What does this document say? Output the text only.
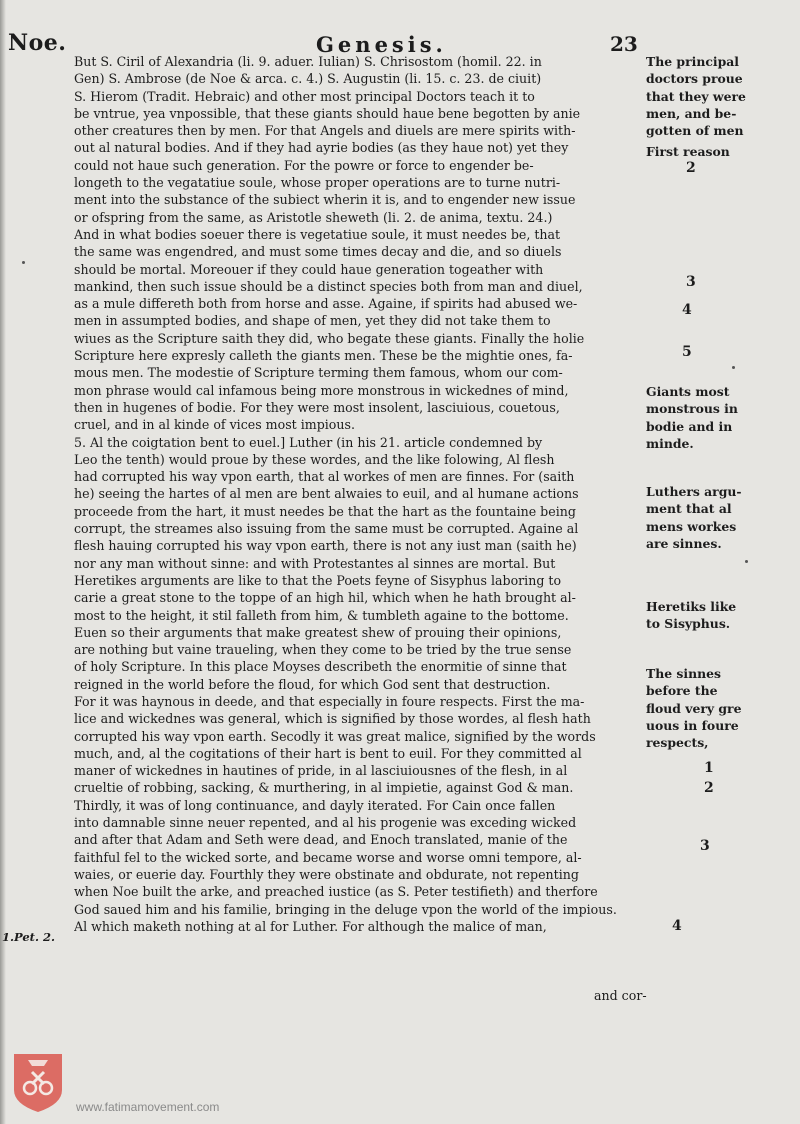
Noe.	Genesis.	23
But S. Ciril of Alexandria (li. 9. aduer. Iulian) S. Chrisostom (homil. 22. in
Gen) S. Ambrose (de Noe & arca. c. 4.) S. Augustin (li. 15. c. 23. de ciuit)
S. Hierom (Tradit. Hebraic) and other most principal Doctors teach it to
be vntrue, yea vnpossible, that these giants should haue bene begotten by anie
other creatures then by men. For that Angels and diuels are mere spirits with-
out al natural bodies. And if they had ayrie bodies (as they haue not) yet they
could not haue such generation. For the powre or force to engender be-
longeth to the vegatatiue soule, whose proper operations are to turne nutri-
ment into the substance of the subiect wherin it is, and to engender new issue
or ofspring from the same, as Aristotle sheweth (li. 2. de anima, textu. 24.)
And in what bodies soeuer there is vegetatiue soule, it must needes be, that
the same was engendred, and must some times decay and die, and so diuels
should be mortal. Moreouer if they could haue generation togeather with
mankind, then such issue should be a distinct species both from man and diuel,
as a mule differeth both from horse and asse. Againe, if spirits had abused we-
men in assumpted bodies, and shape of men, yet they did not take them to
wiues as the Scripture saith they did, who begate these giants. Finally the holie
Scripture here expresly calleth the giants men. These be the mightie ones, fa-
mous men. The modestie of Scripture terming them famous, whom our com-
mon phrase would cal infamous being more monstrous in wickednes of mind,
then in hugenes of bodie. For they were most insolent, lasciuious, couetous,
cruel, and in al kinde of vices most impious.
5. Al the coigtation bent to euel.] Luther (in his 21. article condemned by
Leo the tenth) would proue by these wordes, and the like folowing, Al flesh
had corrupted his way vpon earth, that al workes of men are finnes. For (saith
he) seeing the hartes of al men are bent alwaies to euil, and al humane actions
proceede from the hart, it must needes be that the hart as the fountaine being
corrupt, the streames also issuing from the same must be corrupted. Againe al
flesh hauing corrupted his way vpon earth, there is not any iust man (saith he)
nor any man without sinne: and with Protestantes al sinnes are mortal. But
Heretikes arguments are like to that the Poets feyne of Sisyphus laboring to
carie a great stone to the toppe of an high hil, which when he hath brought al-
most to the height, it stil falleth from him, & tumbleth againe to the bottome.
Euen so their arguments that make greatest shew of prouing their opinions,
are nothing but vaine traueling, when they come to be tried by the true sense
of holy Scripture. In this place Moyses describeth the enormitie of sinne that
reigned in the world before the floud, for which God sent that destruction.
For it was haynous in deede, and that especially in foure respects. First the ma-
lice and wickednes was general, which is signified by those wordes, al flesh hath
corrupted his way vpon earth. Secodly it was great malice, signified by the words
much, and, al the cogitations of their hart is bent to euil. For they committed al
maner of wickednes in hautines of pride, in al lasciuiousnes of the flesh, in al
crueltie of robbing, sacking, & murthering, in al impietie, against God & man.
Thirdly, it was of long continuance, and dayly iterated. For Cain once fallen
into damnable sinne neuer repented, and al his progenie was exceding wicked
and after that Adam and Seth were dead, and Enoch translated, manie of the
faithful fel to the wicked sorte, and became worse and worse omni tempore, al-
waies, or euerie day. Fourthly they were obstinate and obdurate, not repenting
when Noe built the arke, and preached iustice (as S. Peter testifieth) and therfore
God saued him and his familie, bringing in the deluge vpon the world of the impious.
Al which maketh nothing at al for Luther. For although the malice of man,
1.Pet. 2.
The principal
doctors proue
that they were
men, and be-
gotten of men
First reason
Giants most
monstrous in
bodie and in
minde.
Luthers argu-
ment that al
mens workes
are sinnes.
Heretiks like
to Sisyphus.
The sinnes
before the
floud very gre
uous in foure
respects,
2
3
4
5
1
2
3
4
and cor-
www.fatimamovement.com
